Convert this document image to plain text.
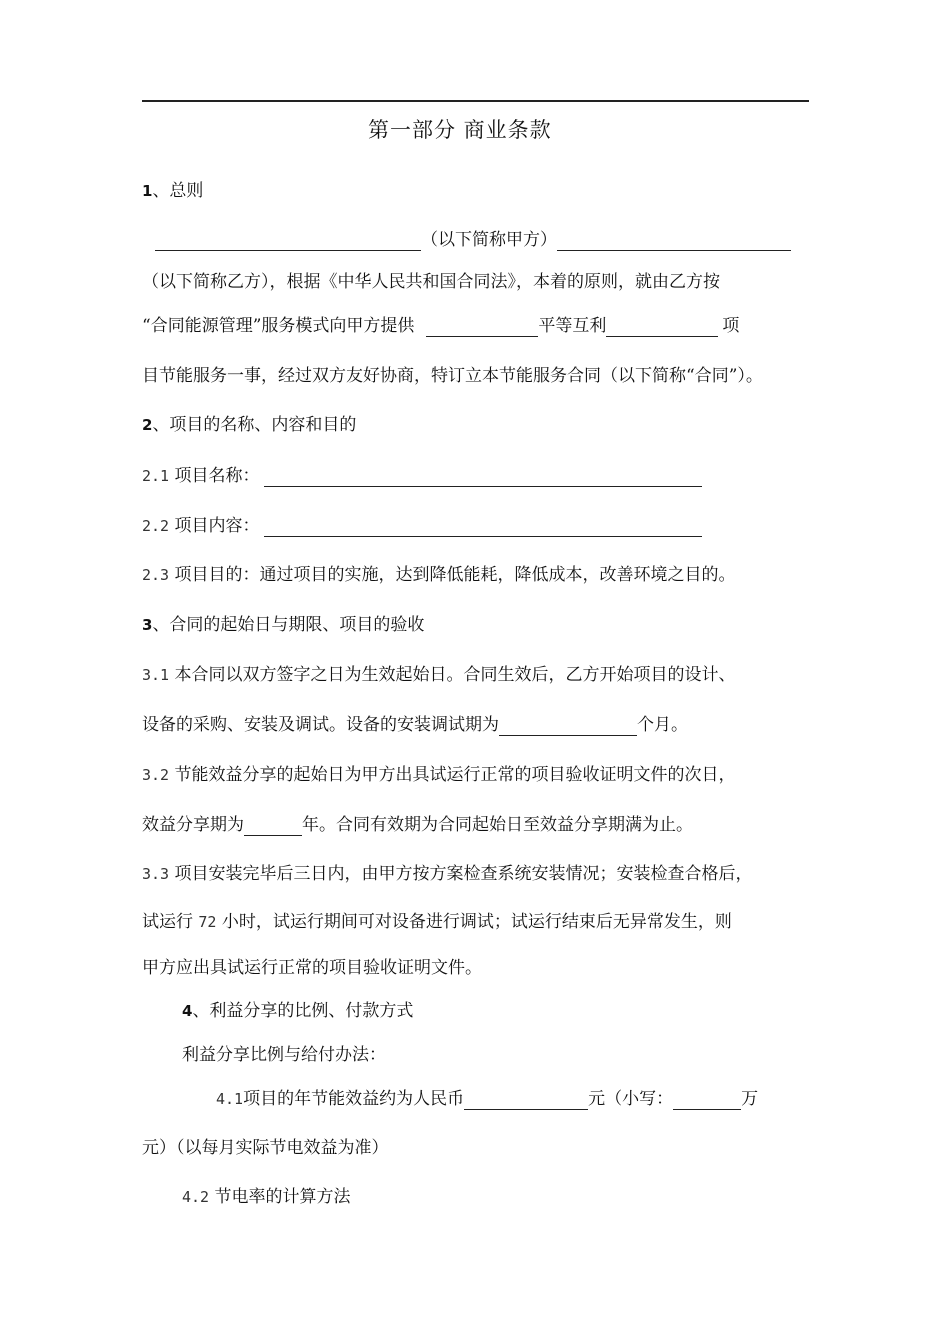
第一部分 商业条款
1、总则
（以下简称甲方）
（以下简称乙方），根据《中华人民共和国合同法》，本着的原则，就由乙方按
“合同能源管理”服务模式向甲方提供	平等互利	项
目节能服务一事，经过双方友好协商，特订立本节能服务合同（以下简称“合同”）。
2、项目的名称、内容和目的
2.1 项目名称：
2.2 项目内容：
2.3 项目目的：通过项目的实施，达到降低能耗，降低成本，改善环境之目的。
3、合同的起始日与期限、项目的验收
3.1 本合同以双方签字之日为生效起始日。合同生效后，乙方开始项目的设计、
设备的采购、安装及调试。设备的安装调试期为	个月。
3.2 节能效益分享的起始日为甲方出具试运行正常的项目验收证明文件的次日，
效益分享期为	年。合同有效期为合同起始日至效益分享期满为止。
3.3 项目安装完毕后三日内，由甲方按方案检查系统安装情况；安装检查合格后，
试运行 72 小时，试运行期间可对设备进行调试；试运行结束后无异常发生，则
甲方应出具试运行正常的项目验收证明文件。
4、利益分享的比例、付款方式
利益分享比例与给付办法：
4.1项目的年节能效益约为人民币	元（小写：	万
元）（以每月实际节电效益为准）
4.2 节电率的计算方法
